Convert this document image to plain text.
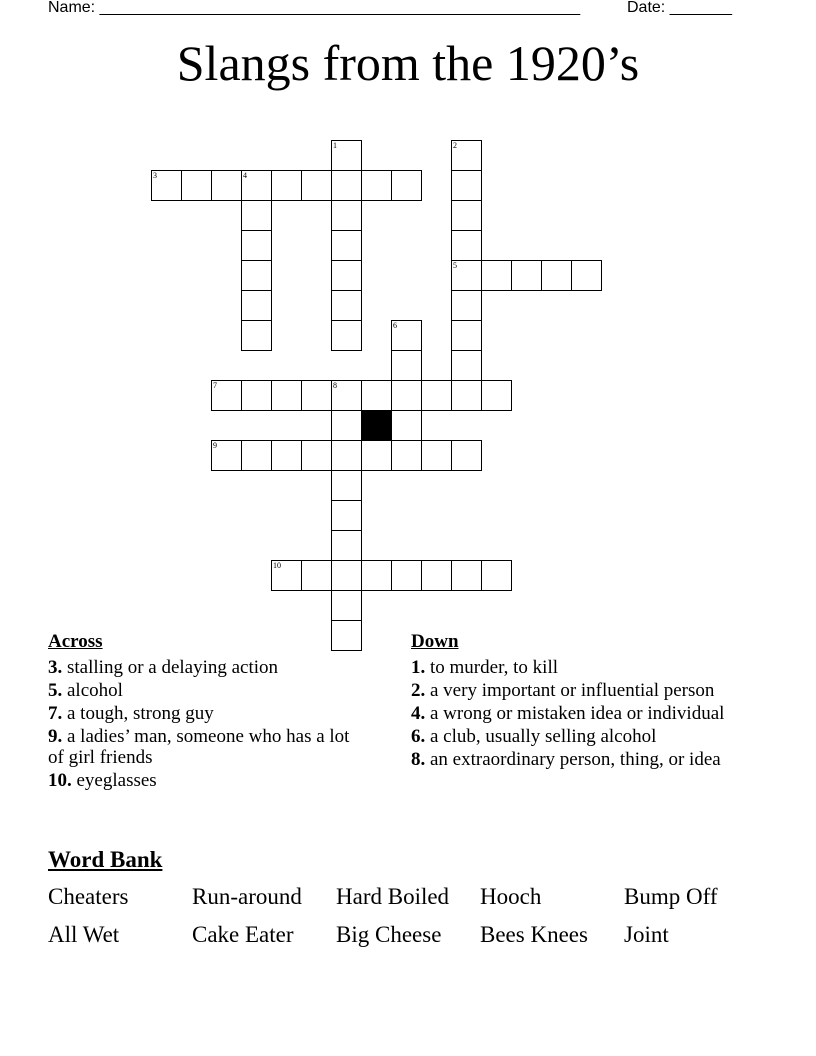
Name: ______________________________________________________	Date: _______
Slangs from the 1920’s
3	4
1	2
5
6
7	8
9
10
Across
3. stalling or a delaying action
5. alcohol
7. a tough, strong guy
9. a ladies’ man, someone who has a lot of girl friends
10. eyeglasses
Down
1. to murder, to kill
2. a very important or influential person
4. a wrong or mistaken idea or individual
6. a club, usually selling alcohol
8. an extraordinary person, thing, or idea
Word Bank
Cheaters	Run-around	Hard Boiled	Hooch	Bump Off
All Wet	Cake Eater	Big Cheese	Bees Knees	Joint
